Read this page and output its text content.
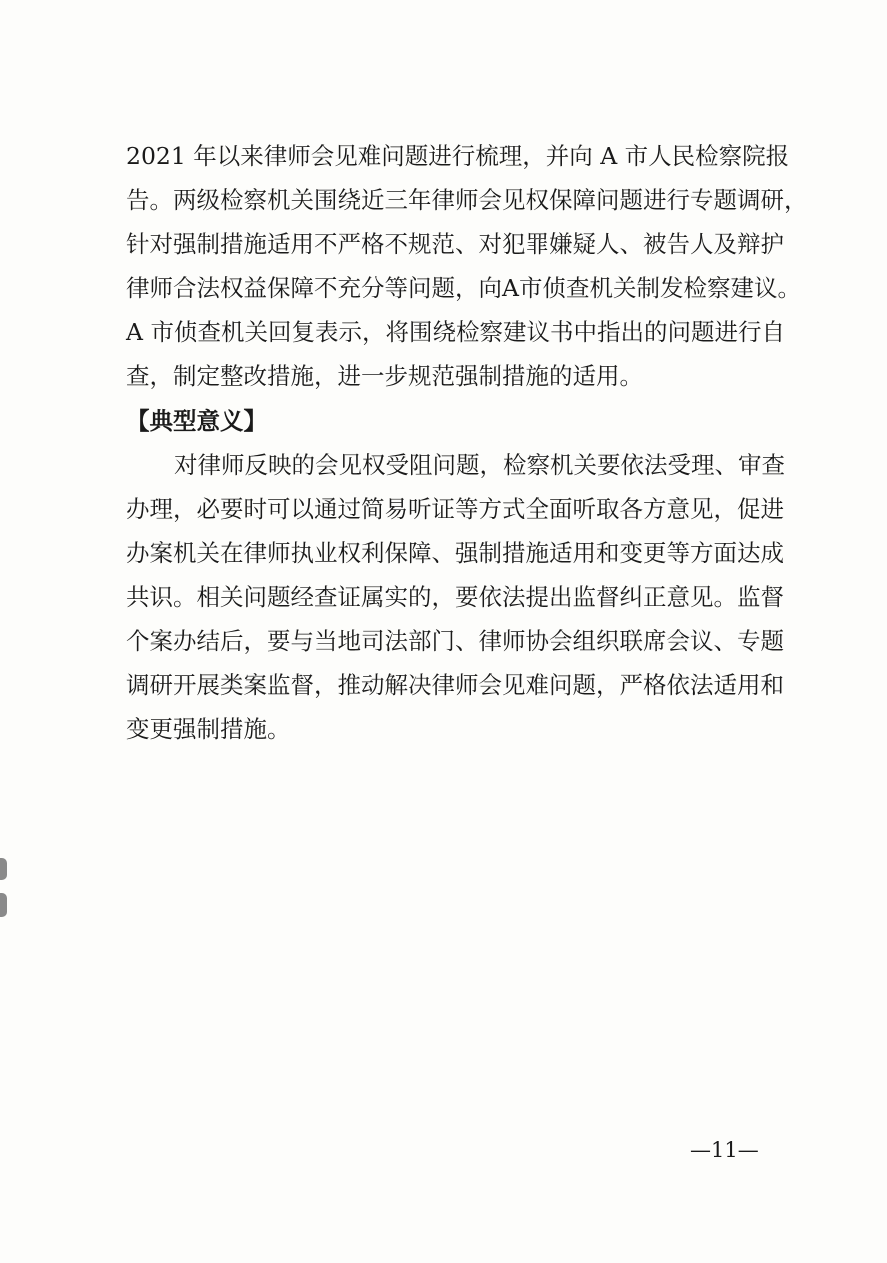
2021 年以来律师会见难问题进行梳理，并向 A 市人民检察院报
告。两级检察机关围绕近三年律师会见权保障问题进行专题调研，
针对强制措施适用不严格不规范、对犯罪嫌疑人、被告人及辩护
律师合法权益保障不充分等问题，向A市侦查机关制发检察建议。
A 市侦查机关回复表示，将围绕检察建议书中指出的问题进行自
查，制定整改措施，进一步规范强制措施的适用。
【典型意义】
对律师反映的会见权受阻问题，检察机关要依法受理、审查
办理，必要时可以通过简易听证等方式全面听取各方意见，促进
办案机关在律师执业权利保障、强制措施适用和变更等方面达成
共识。相关问题经查证属实的，要依法提出监督纠正意见。监督
个案办结后，要与当地司法部门、律师协会组织联席会议、专题
调研开展类案监督，推动解决律师会见难问题，严格依法适用和
变更强制措施。
—11—
